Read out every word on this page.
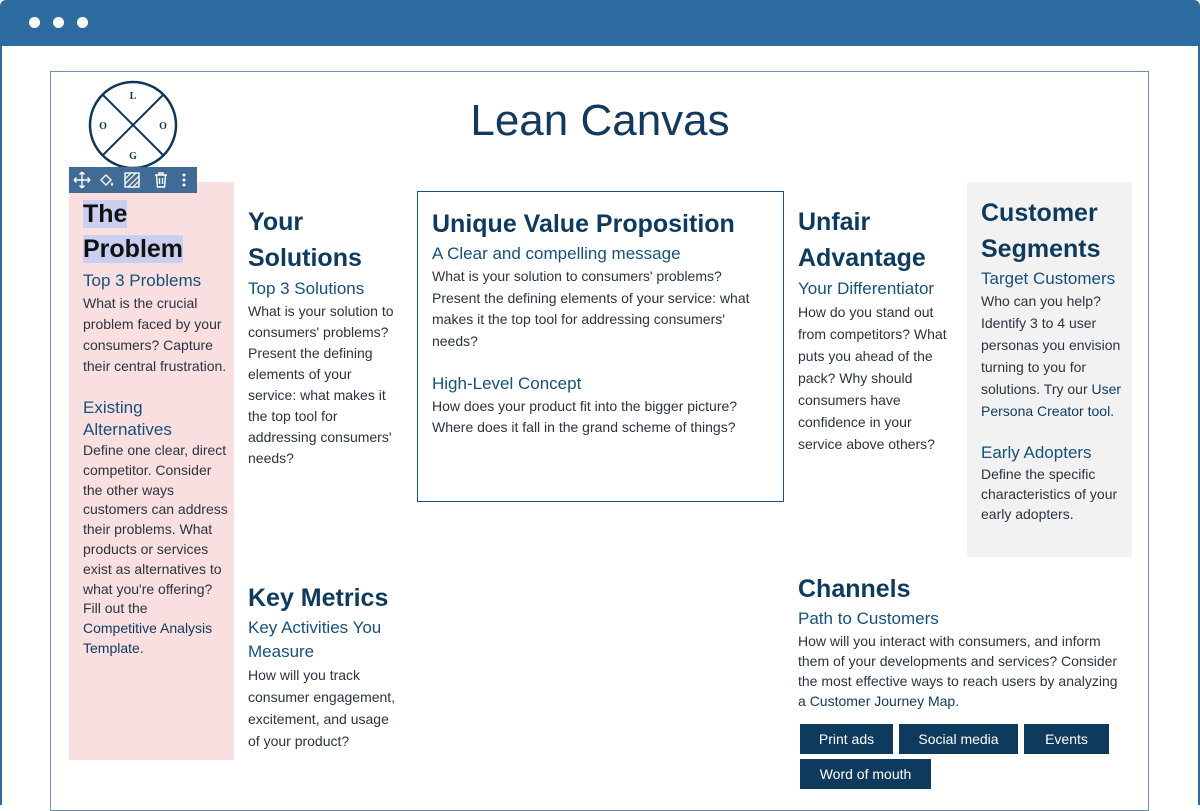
L
O	O
G
Lean Canvas
The
Problem
Top 3 Problems
What is the crucial problem faced by your consumers? Capture their central frustration.
Existing Alternatives
Define one clear, direct competitor. Consider the other ways customers can address their problems. What products or services exist as alternatives to what you're offering?
Fill out the
Competitive Analysis Template.
Your
Solutions
Top 3 Solutions
What is your solution to consumers' problems? Present the defining elements of your service: what makes it the top tool for addressing consumers' needs?
Unique Value Proposition
A Clear and compelling message
What is your solution to consumers' problems? Present the defining elements of your service: what makes it the top tool for addressing consumers' needs?
High-Level Concept
How does your product fit into the bigger picture? Where does it fall in the grand scheme of things?
Unfair
Advantage
Your Differentiator
How do you stand out from competitors? What puts you ahead of the pack? Why should consumers have confidence in your service above others?
Customer
Segments
Target Customers
Who can you help? Identify 3 to 4 user personas you envision turning to you for solutions. Try our User Persona Creator tool.
Early Adopters
Define the specific characteristics of your early adopters.
Key Metrics
Key Activities You Measure
How will you track consumer engagement, excitement, and usage of your product?
Channels
Path to Customers
How will you interact with consumers, and inform them of your developments and services? Consider the most effective ways to reach users by analyzing a Customer Journey Map.
Print ads	Social media	Events
Word of mouth
